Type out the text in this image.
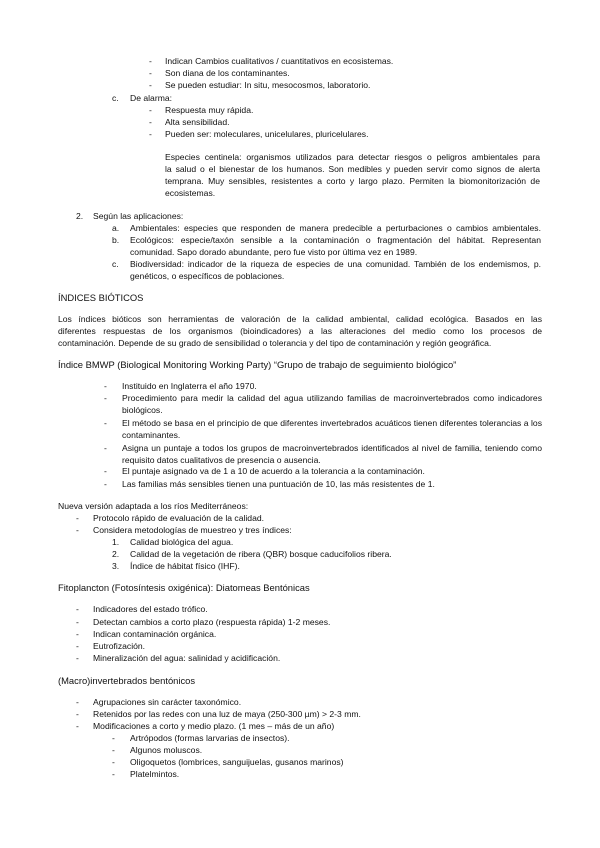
- Indican Cambios cualitativos / cuantitativos en ecosistemas.
- Son diana de los contaminantes.
- Se pueden estudiar: In situ, mesocosmos, laboratorio.
c. De alarma:
- Respuesta muy rápida.
- Alta sensibilidad.
- Pueden ser: moleculares, unicelulares, pluricelulares.
Especies centinela: organismos utilizados para detectar riesgos o peligros ambientales para
la salud o el bienestar de los humanos. Son medibles y pueden servir como signos de alerta
temprana. Muy sensibles, resistentes a corto y largo plazo. Permiten la biomonitorización de
ecosistemas.
2. Según las aplicaciones:
a. Ambientales: especies que responden de manera predecible a perturbaciones o cambios ambientales.
b. Ecológicos: especie/taxón sensible a la contaminación o fragmentación del hábitat. Representan
comunidad. Sapo dorado abundante, pero fue visto por última vez en 1989.
c. Biodiversidad: indicador de la riqueza de especies de una comunidad. También de los endemismos, p.
genéticos, o específicos de poblaciones.
ÍNDICES BIÓTICOS
Los índices bióticos son herramientas de valoración de la calidad ambiental, calidad ecológica. Basados en las
diferentes respuestas de los organismos (bioindicadores) a las alteraciones del medio como los procesos de
contaminación. Depende de su grado de sensibilidad o tolerancia y del tipo de contaminación y región geográfica.
Índice BMWP (Biological Monitoring Working Party) “Grupo de trabajo de seguimiento biológico”
- Instituido en Inglaterra el año 1970.
- Procedimiento para medir la calidad del agua utilizando familias de macroinvertebrados como indicadores
biológicos.
- El método se basa en el principio de que diferentes invertebrados acuáticos tienen diferentes tolerancias a los
contaminantes.
- Asigna un puntaje a todos los grupos de macroinvertebrados identificados al nivel de familia, teniendo como
requisito datos cualitativos de presencia o ausencia.
- El puntaje asignado va de 1 a 10 de acuerdo a la tolerancia a la contaminación.
- Las familias más sensibles tienen una puntuación de 10, las más resistentes de 1.
Nueva versión adaptada a los ríos Mediterráneos:
- Protocolo rápido de evaluación de la calidad.
- Considera metodologías de muestreo y tres índices:
1. Calidad biológica del agua.
2. Calidad de la vegetación de ribera (QBR) bosque caducifolios ribera.
3. Índice de hábitat físico (IHF).
Fitoplancton (Fotosíntesis oxigénica): Diatomeas Bentónicas
- Indicadores del estado trófico.
- Detectan cambios a corto plazo (respuesta rápida) 1-2 meses.
- Indican contaminación orgánica.
- Eutrofización.
- Mineralización del agua: salinidad y acidificación.
(Macro)invertebrados bentónicos
- Agrupaciones sin carácter taxonómico.
- Retenidos por las redes con una luz de maya (250-300 µm) > 2-3 mm.
- Modificaciones a corto y medio plazo. (1 mes – más de un año)
- Artrópodos (formas larvarias de insectos).
- Algunos moluscos.
- Oligoquetos (lombrices, sanguijuelas, gusanos marinos)
- Platelmintos.
